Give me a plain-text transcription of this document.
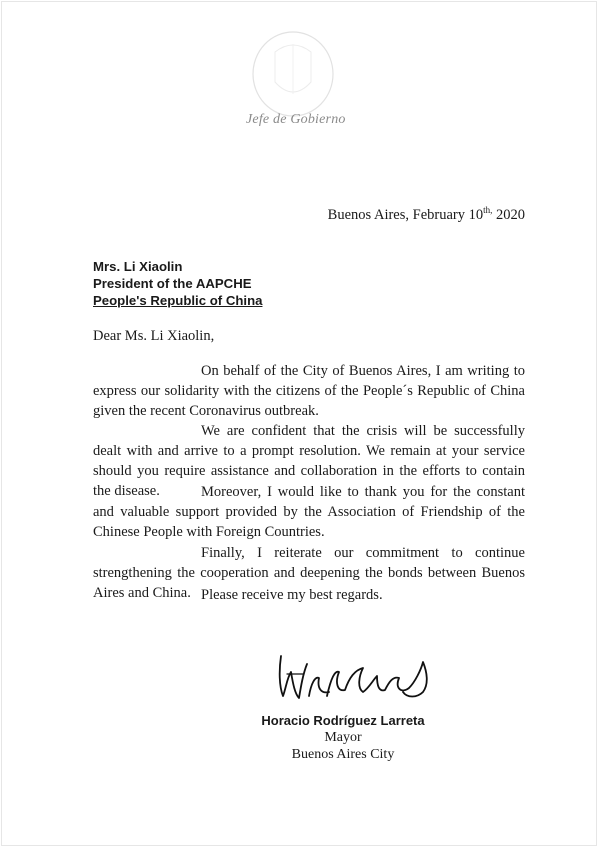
Jefe de Gobierno
Buenos Aires, February $10^{th,}$ 2020
Mrs. Li Xiaolin
President of the AAPCHE
People's Republic of China
Dear Ms. Li Xiaolin,

On behalf of the City of Buenos Aires, I am writing to express our solidarity with the citizens of the People´s Republic of China given the recent Coronavirus outbreak.

We are confident that the crisis will be successfully dealt with and arrive to a prompt resolution. We remain at your service should you require assistance and collaboration in the efforts to contain the disease.	Moreover, I would like to thank you for the constant and valuable support provided by the Association of Friendship of the Chinese People with Foreign Countries.

Finally, I reiterate our commitment to continue strengthening the cooperation and deepening the bonds between Buenos Aires and China. Please receive my best regards.

Horacio Rodríguez Larreta
Mayor
Buenos Aires City
